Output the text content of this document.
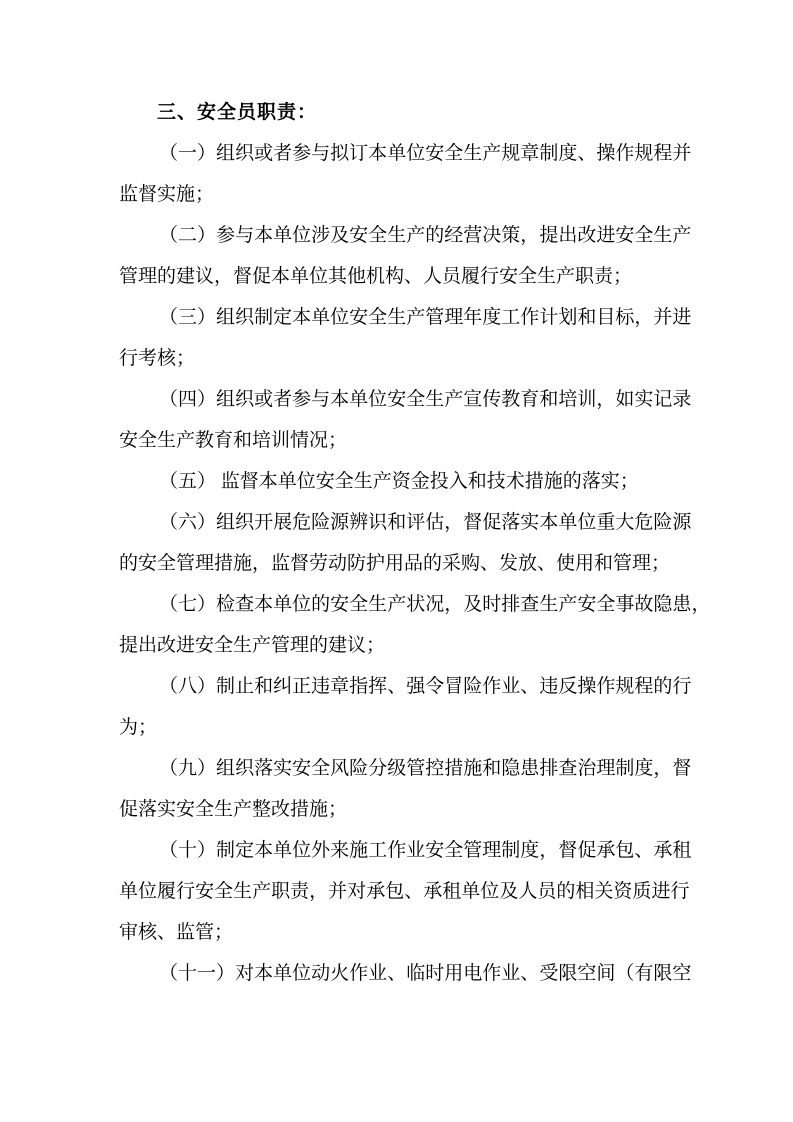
三、安全员职责：
（ 一 ） 组 织 或 者 参 与 拟 订 本 单 位 安 全 生 产 规 章 制 度 、 操 作 规 程 并
监督实施；
（ 二 ） 参 与 本 单 位 涉 及 安 全 生 产 的 经 营 决 策 ， 提 出 改 进 安 全 生 产
管理的建议，督促本单位其他机构、人员履行安全生产职责；
（ 三 ） 组 织 制 定 本 单 位 安 全 生 产 管 理 年 度 工 作 计 划 和 目 标 ， 并 进
行考核；
（ 四 ） 组 织 或 者 参 与 本 单 位 安 全 生 产 宣 传 教 育 和 培 训 ， 如 实 记 录
安全生产教育和培训情况；
（五） 监督本单位安全生产资金投入和技术措施的落实；
（ 六 ） 组 织 开 展 危 险 源 辨 识 和 评 估 ， 督 促 落 实 本 单 位 重 大 危 险 源
的安全管理措施，监督劳动防护用品的采购、发放、使用和管理；
（ 七 ） 检 查 本 单 位 的 安 全 生 产 状 况 ， 及 时 排 查 生 产 安 全 事 故 隐 患 ，
提出改进安全生产管理的建议；
（ 八 ） 制 止 和 纠 正 违 章 指 挥 、 强 令 冒 险 作 业 、 违 反 操 作 规 程 的 行
为；
（ 九 ） 组 织 落 实 安 全 风 险 分 级 管 控 措 施 和 隐 患 排 查 治 理 制 度 ， 督
促落实安全生产整改措施；
（ 十 ） 制 定 本 单 位 外 来 施 工 作 业 安 全 管 理 制 度 ， 督 促 承 包 、 承 租
单 位 履 行 安 全 生 产 职 责 ， 并 对 承 包 、 承 租 单 位 及 人 员 的 相 关 资 质 进 行
审核、监管；
（ 十 一 ） 对 本 单 位 动 火 作 业 、 临 时 用 电 作 业 、 受 限 空 间 （ 有 限 空
